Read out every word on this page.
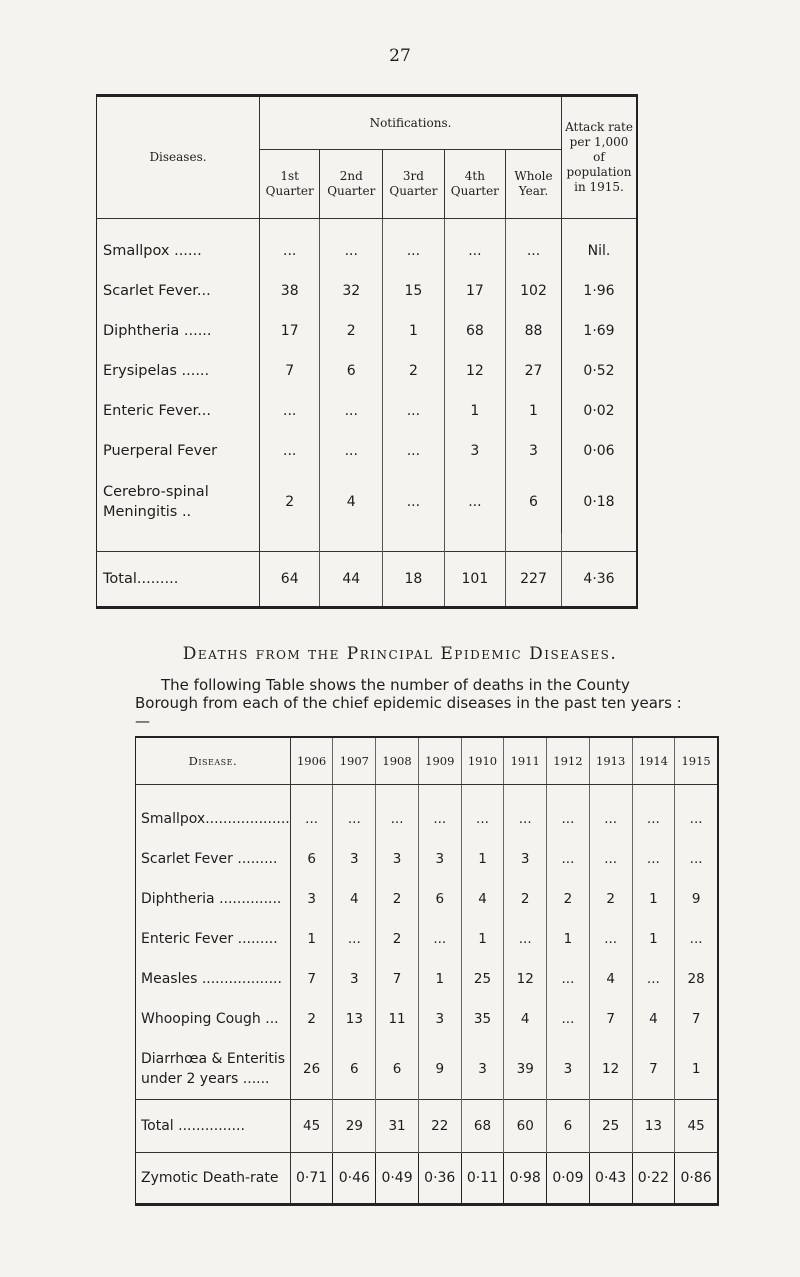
27
Diseases.	Notifications.					Attack rate per 1,000 of population in 1915.
	1st Quarter	2nd Quarter	3rd Quarter	4th Quarter	Whole Year.	
Smallpox ......	...	...	...	...	...	Nil.
Scarlet Fever...	38	32	15	17	102	1·96
Diphtheria ......	17	2	1	68	88	1·69
Erysipelas ......	7	6	2	12	27	0·52
Enteric Fever...	...	...	...	1	1	0·02
Puerperal Fever	...	...	...	3	3	0·06
Cerebro-spinal Meningitis ..	2	4	...	...	6	0·18

Total.........	64	44	18	101	227	4·36
Deaths from the Principal Epidemic Diseases.
The following Table shows the number of deaths in the County Borough from each of the chief epidemic diseases in the past ten years :—
Disease.	1906	1907	1908	1909	1910	1911	1912	1913	1914	1915
Smallpox...................	...	...	...	...	...	...	...	...	...	...
Scarlet Fever .........	6	3	3	3	1	3	...	...	...	...
Diphtheria ..............	3	4	2	6	4	2	2	2	1	9
Enteric Fever .........	1	...	2	...	1	...	1	...	1	...
Measles ..................	7	3	7	1	25	12	...	4	...	28
Whooping Cough ...	2	13	11	3	35	4	...	7	4	7
Diarrhœa & Enteritis under 2 years ......	26	6	6	9	3	39	3	12	7	1
Total ...............	45	29	31	22	68	60	6	25	13	45
Zymotic Death-rate	0·71	0·46	0·49	0·36	0·11	0·98	0·09	0·43	0·22	0·86
